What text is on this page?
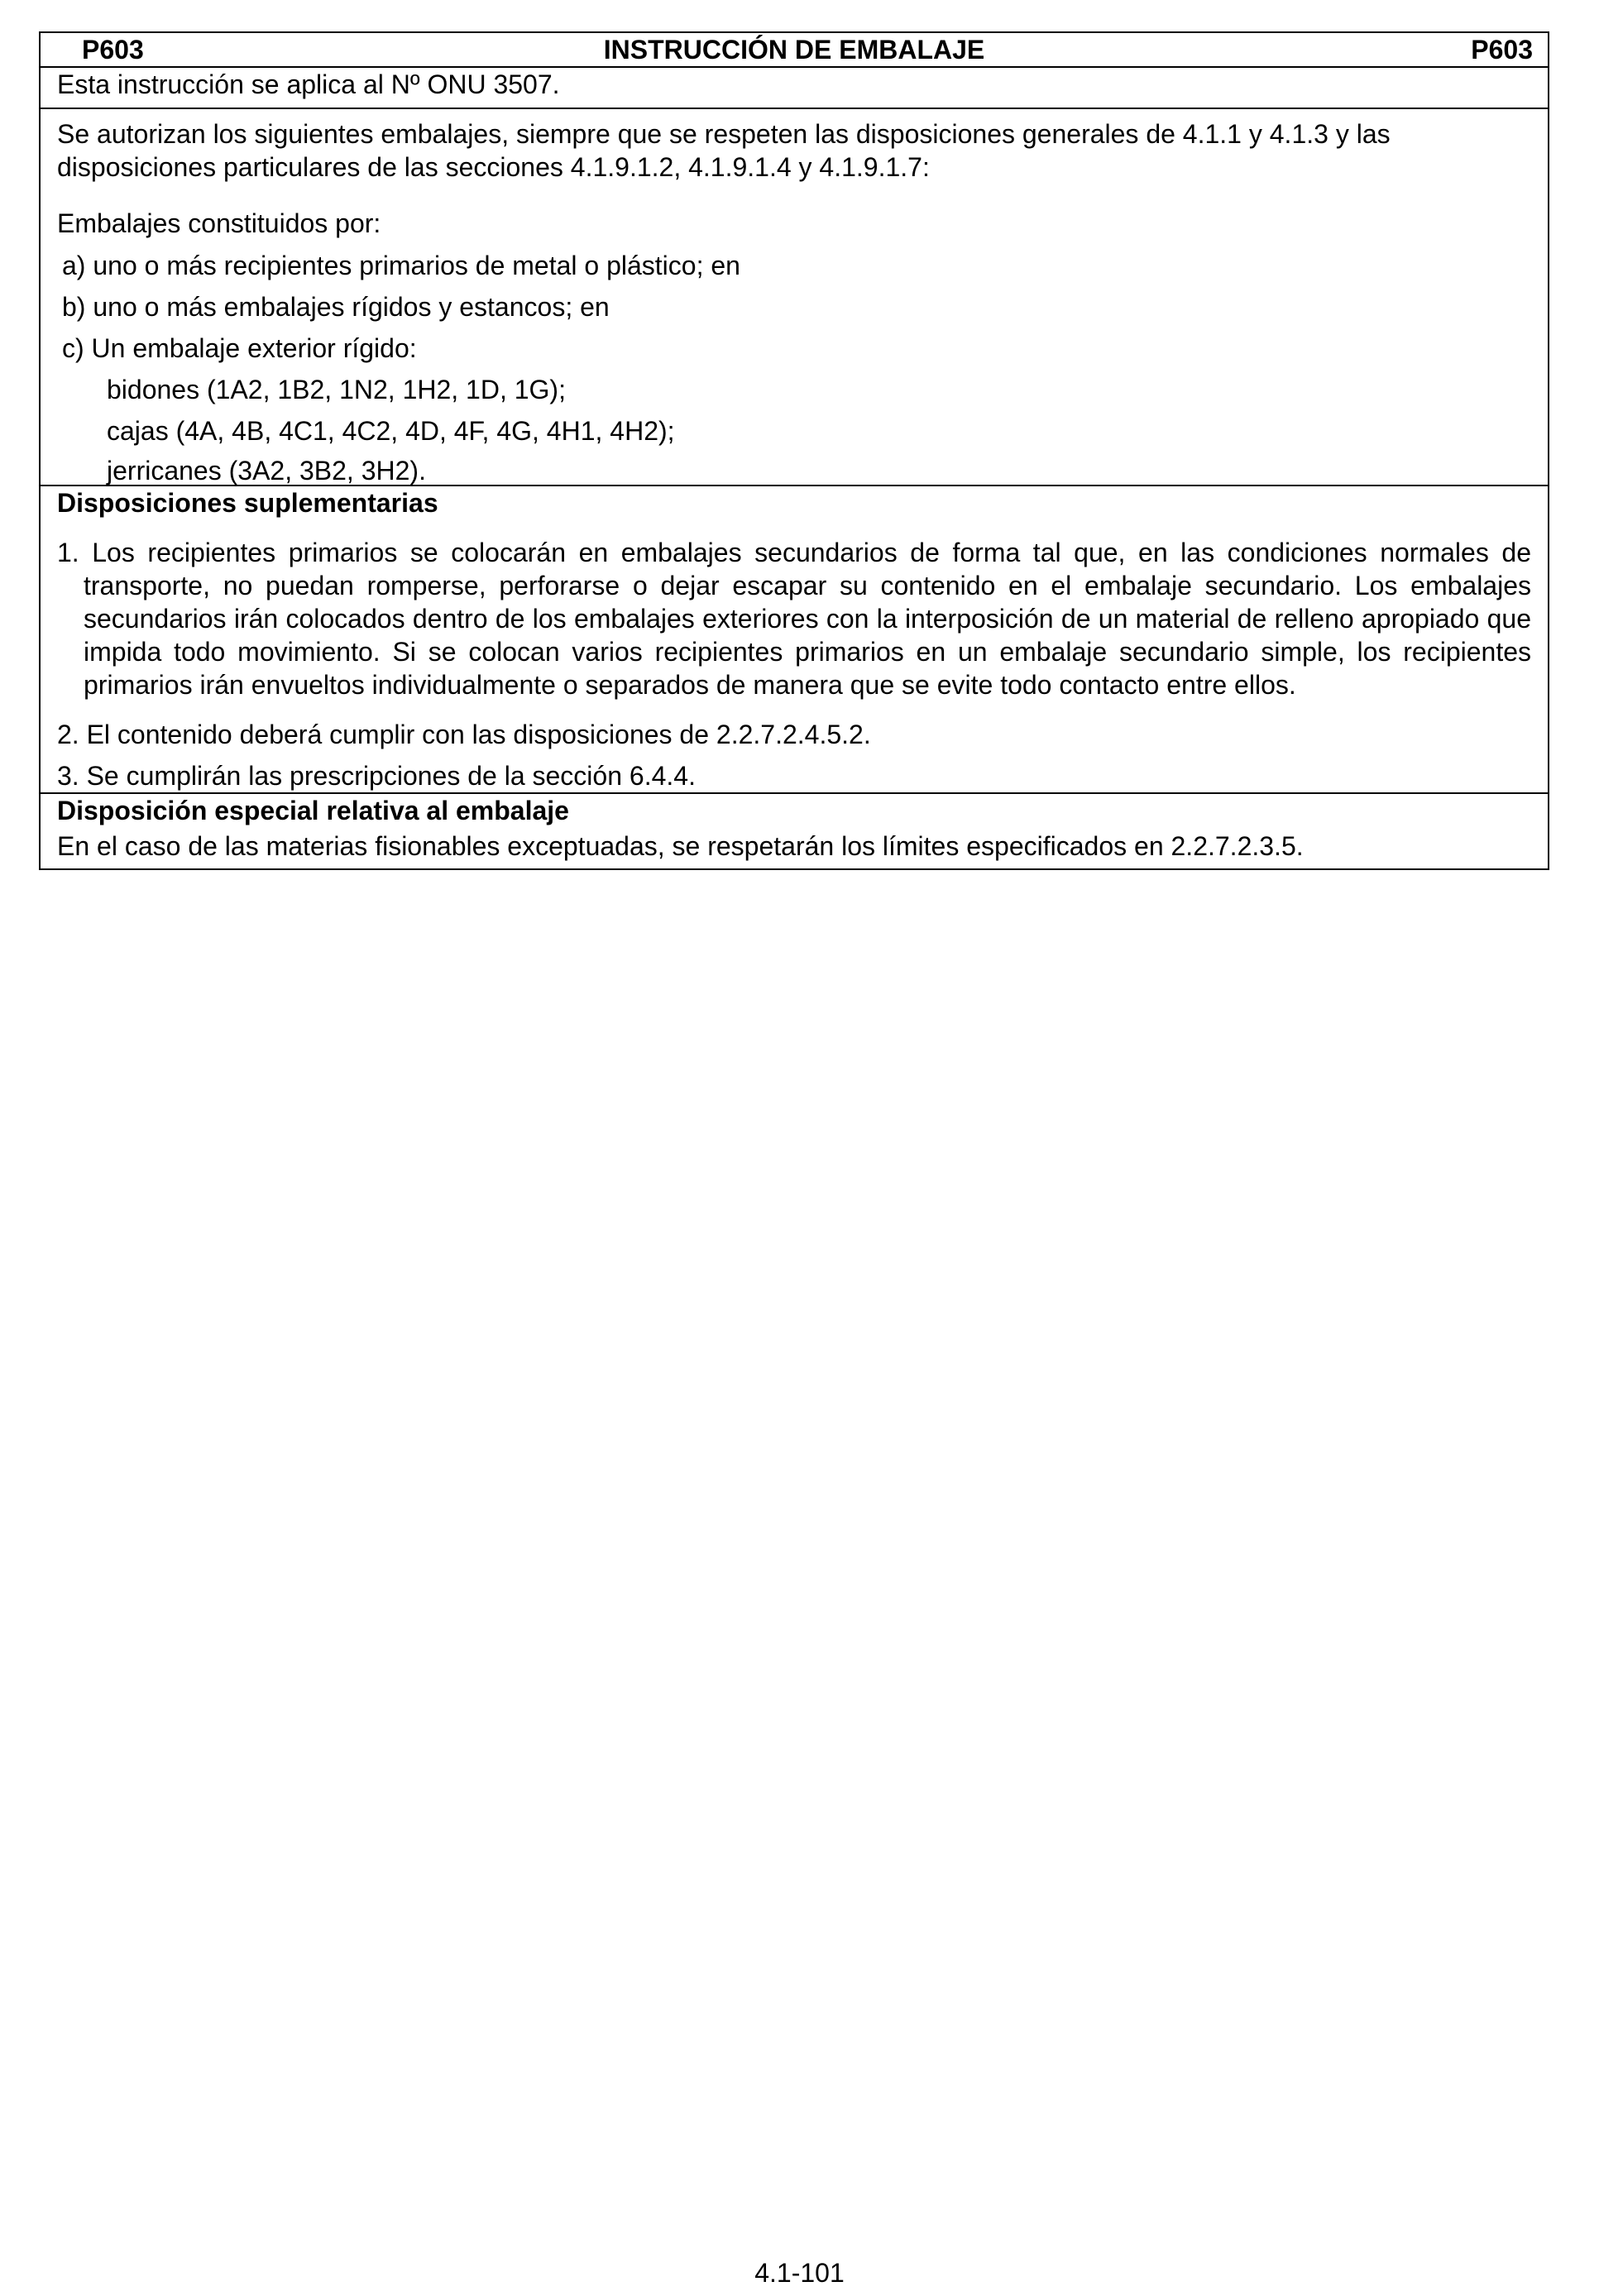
P603	INSTRUCCIÓN DE EMBALAJE	P603
Esta instrucción se aplica al Nº ONU 3507.

Se autorizan los siguientes embalajes, siempre que se respeten las disposiciones generales de 4.1.1 y 4.1.3 y las disposiciones particulares de las secciones 4.1.9.1.2, 4.1.9.1.4 y 4.1.9.1.7:

Embalajes constituidos por:
a) uno o más recipientes primarios de metal o plástico; en
b) uno o más embalajes rígidos y estancos; en
c) Un embalaje exterior rígido:
bidones (1A2, 1B2, 1N2, 1H2, 1D, 1G);
cajas (4A, 4B, 4C1, 4C2, 4D, 4F, 4G, 4H1, 4H2);
jerricanes (3A2, 3B2, 3H2).
Disposiciones suplementarias

1. Los recipientes primarios se colocarán en embalajes secundarios de forma tal que, en las condiciones normales de transporte, no puedan romperse, perforarse o dejar escapar su contenido en el embalaje secundario. Los embalajes secundarios irán colocados dentro de los embalajes exteriores con la interposición de un material de relleno apropiado que impida todo movimiento. Si se colocan varios recipientes primarios en un embalaje secundario simple, los recipientes primarios irán envueltos individualmente o separados de manera que se evite todo contacto entre ellos.

2. El contenido deberá cumplir con las disposiciones de 2.2.7.2.4.5.2.

3. Se cumplirán las prescripciones de la sección 6.4.4.

Disposición especial relativa al embalaje
En el caso de las materias fisionables exceptuadas, se respetarán los límites especificados en 2.2.7.2.3.5.
4.1-101
